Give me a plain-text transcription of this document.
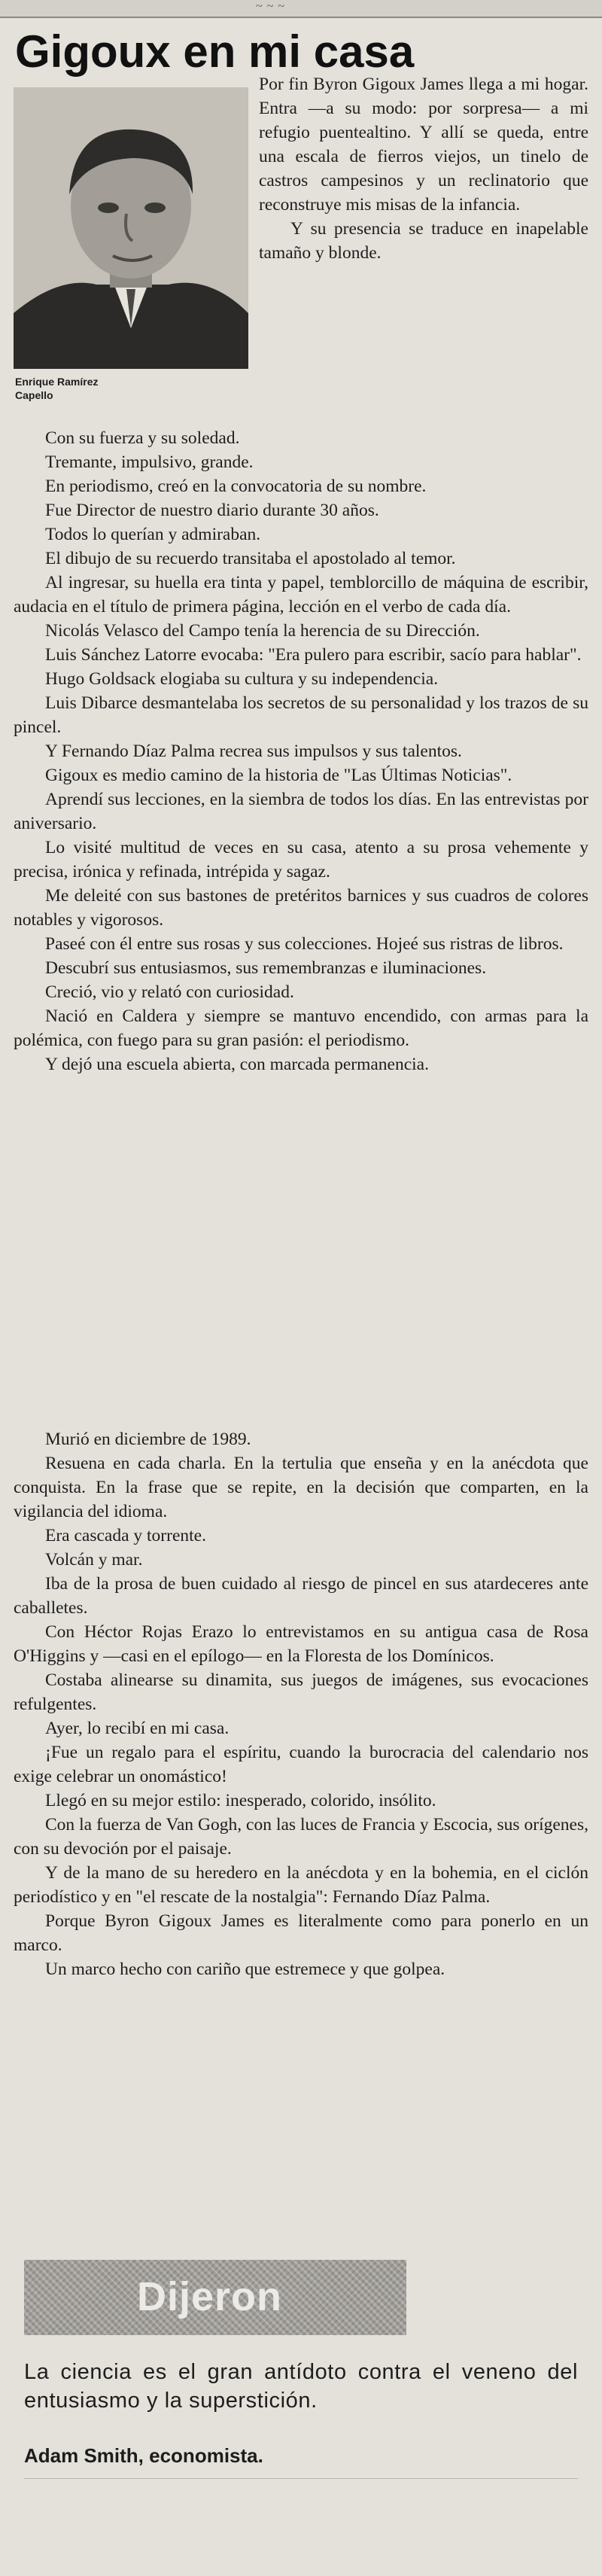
~ ~ ~
Gigoux en mi casa
Enrique Ramírez
Capello

Por fin Byron Gigoux James llega a mi hogar. Entra —a su modo: por sorpresa— a mi refugio puentealtino. Y allí se queda, entre una escala de fierros viejos, un tinelo de castros campesinos y un reclinatorio que reconstruye mis misas de la infancia.

Y su presencia se traduce en inapelable tamaño y blonde.

Con su fuerza y su soledad.

Tremante, impulsivo, grande.

En periodismo, creó en la convocatoria de su nombre.

Fue Director de nuestro diario durante 30 años.

Todos lo querían y admiraban.

El dibujo de su recuerdo transitaba el apostolado al temor.

Al ingresar, su huella era tinta y papel, temblorcillo de máquina de escribir, audacia en el título de primera página, lección en el verbo de cada día.

Nicolás Velasco del Campo tenía la herencia de su Dirección.

Luis Sánchez Latorre evocaba: "Era pulero para escribir, sacío para hablar".

Hugo Goldsack elogiaba su cultura y su independencia.

Luis Dibarce desmantelaba los secretos de su personalidad y los trazos de su pincel.

Y Fernando Díaz Palma recrea sus impulsos y sus talentos.

Gigoux es medio camino de la historia de "Las Últimas Noticias".

Aprendí sus lecciones, en la siembra de todos los días. En las entrevistas por aniversario.

Lo visité multitud de veces en su casa, atento a su prosa vehemente y precisa, irónica y refinada, intrépida y sagaz.

Me deleité con sus bastones de pretéritos barnices y sus cuadros de colores notables y vigorosos.

Paseé con él entre sus rosas y sus colecciones. Hojeé sus ristras de libros.

Descubrí sus entusiasmos, sus remembranzas e iluminaciones.

Creció, vio y relató con curiosidad.

Nació en Caldera y siempre se mantuvo encendido, con armas para la polémica, con fuego para su gran pasión: el periodismo.

Y dejó una escuela abierta, con marcada permanencia.

Murió en diciembre de 1989.

Resuena en cada charla. En la tertulia que enseña y en la anécdota que conquista. En la frase que se repite, en la decisión que comparten, en la vigilancia del idioma.

Era cascada y torrente.

Volcán y mar.

Iba de la prosa de buen cuidado al riesgo de pincel en sus atardeceres ante caballetes.

Con Héctor Rojas Erazo lo entrevistamos en su antigua casa de Rosa O'Higgins y —casi en el epílogo— en la Floresta de los Domínicos.

Costaba alinearse su dinamita, sus juegos de imágenes, sus evocaciones refulgentes.

Ayer, lo recibí en mi casa.

¡Fue un regalo para el espíritu, cuando la burocracia del calendario nos exige celebrar un onomástico!

Llegó en su mejor estilo: inesperado, colorido, insólito.

Con la fuerza de Van Gogh, con las luces de Francia y Escocia, sus orígenes, con su devoción por el paisaje.

Y de la mano de su heredero en la anécdota y en la bohemia, en el ciclón periodístico y en "el rescate de la nostalgia": Fernando Díaz Palma.

Porque Byron Gigoux James es literalmente como para ponerlo en un marco.

Un marco hecho con cariño que estremece y que golpea.

Dijeron

La ciencia es el gran antídoto contra el veneno del entusiasmo y la superstición.

Adam Smith, economista.
